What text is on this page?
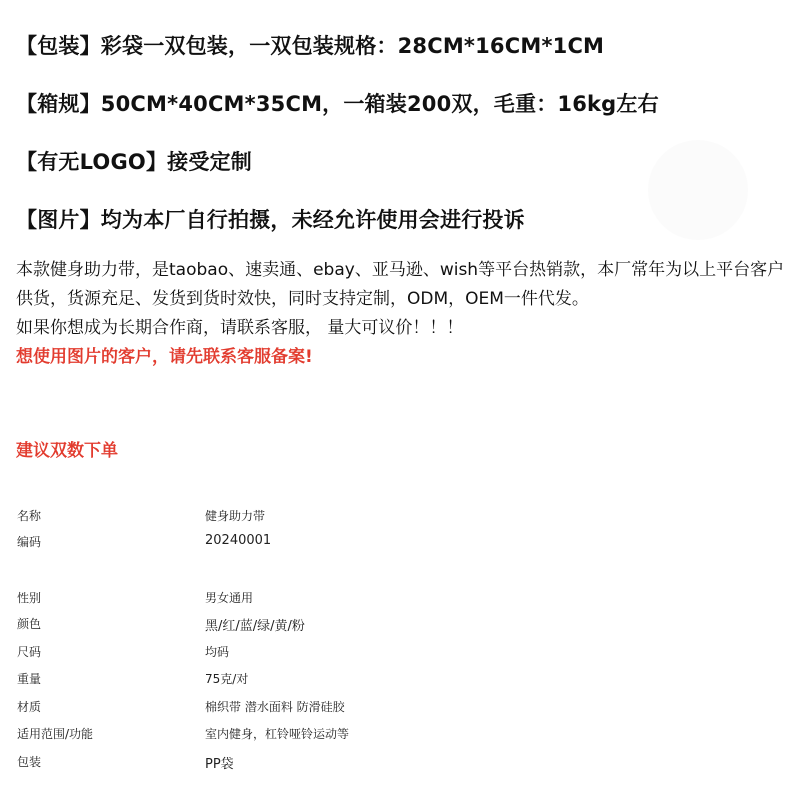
【包装】彩袋一双包装，一双包装规格：28CM*16CM*1CM
【箱规】50CM*40CM*35CM，一箱装200双，毛重：16kg左右
【有无LOGO】接受定制
【图片】均为本厂自行拍摄，未经允许使用会进行投诉
本款健身助力带，是taobao、速卖通、ebay、亚马逊、wish等平台热销款，本厂常年为以上平台客户供货，货源充足、发货到货时效快，同时支持定制，ODM，OEM一件代发。
如果你想成为长期合作商，请联系客服， 量大可议价！！！
想使用图片的客户，请先联系客服备案!
建议双数下单
名称	健身助力带
编码	20240001
性别	男女通用
颜色	黑/红/蓝/绿/黄/粉
尺码	均码
重量	75克/对
材质	棉织带 潜水面料 防滑硅胶
适用范围/功能	室内健身，杠铃哑铃运动等
包装	PP袋
